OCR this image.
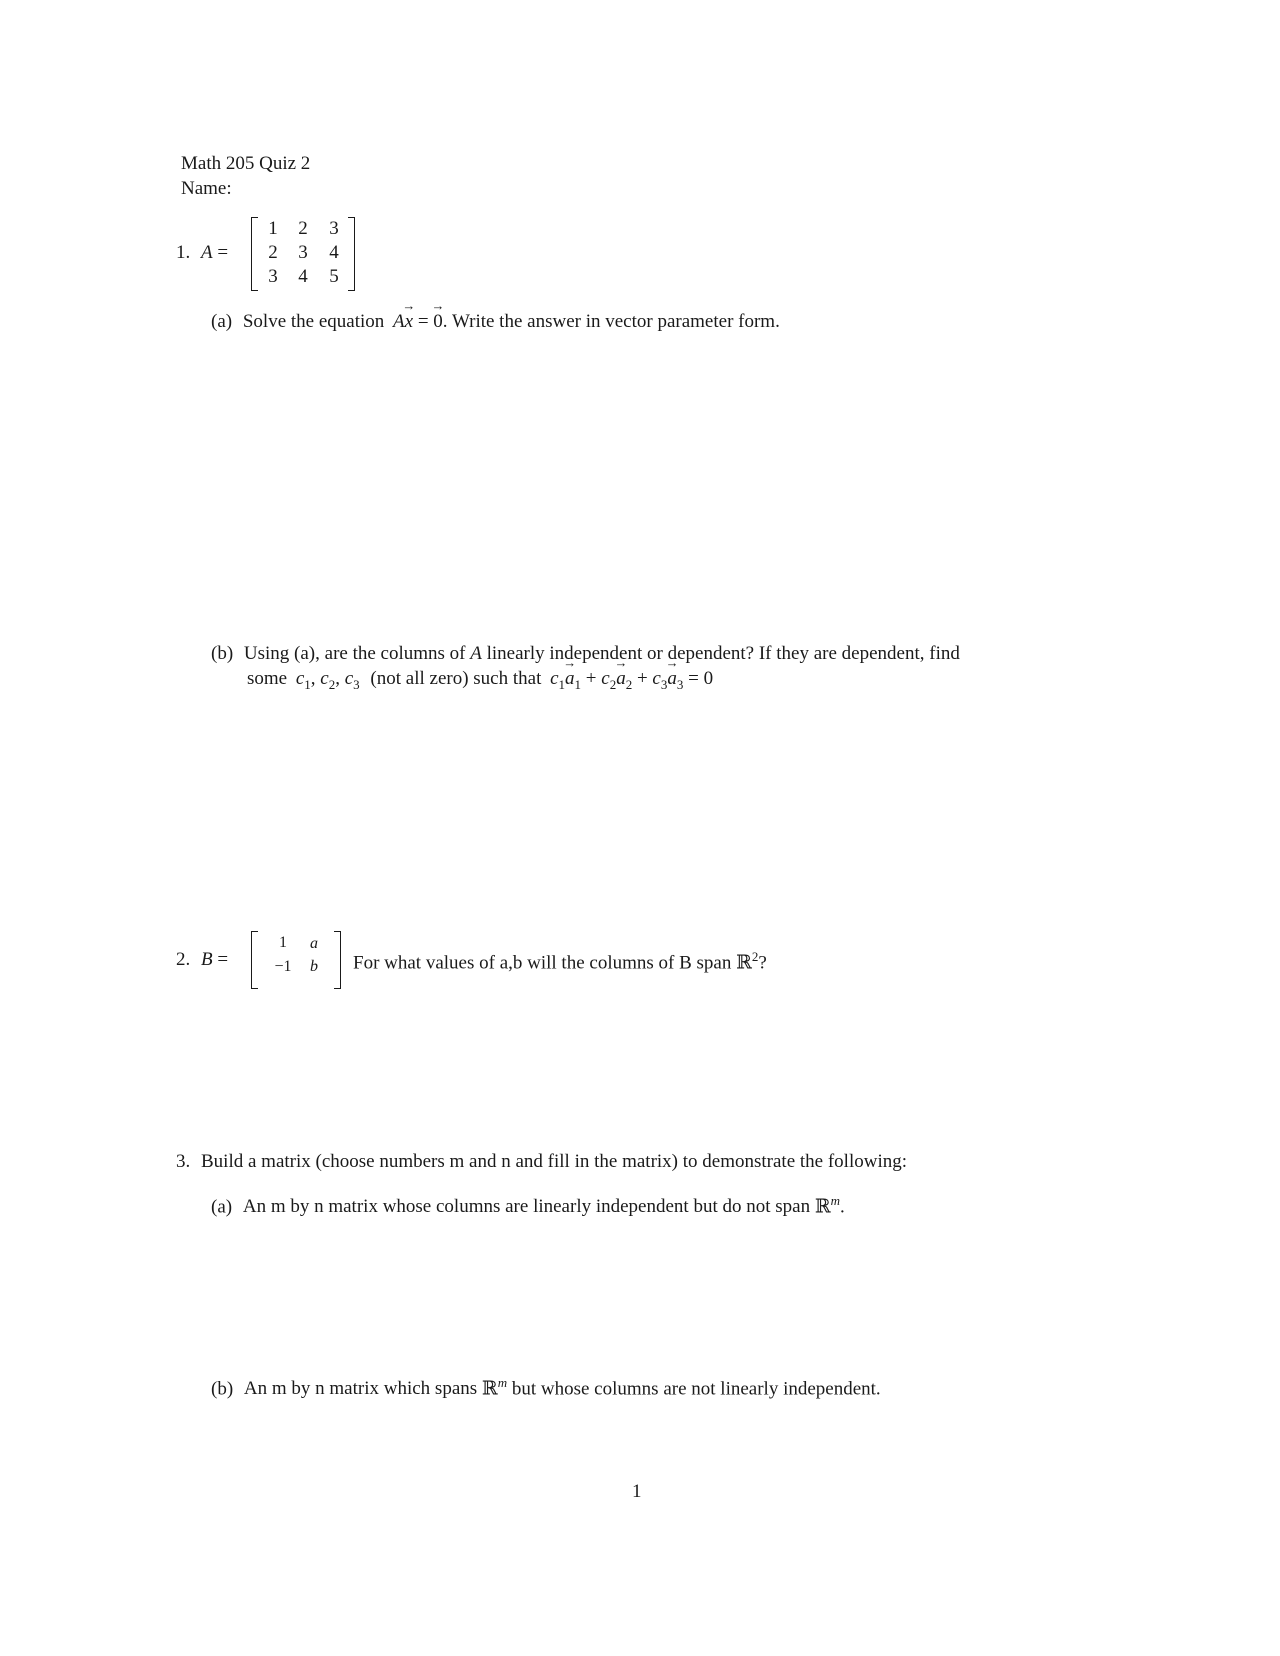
Math 205 Quiz 2
Name:
1. A =
1	2	3
2	3	4
3	4	5
(a) Solve the equation A→ x = → 0. Write the answer in vector parameter form.
(b) Using (a), are the columns of A linearly independent or dependent? If they are dependent, find
some $c_1$, $c_2$, $c_3$ (not all zero) such that $c_1\to a_1 + c_2\to a_2 + c_3\to a_3 = 0$
2. B =
1	a
−1	b	For what values of a,b will the columns of B span ℝ$^2$?
3. Build a matrix (choose numbers m and n and fill in the matrix) to demonstrate the following:
(a) An m by n matrix whose columns are linearly independent but do not span ℝ$^m$.
(b) An m by n matrix which spans ℝ$^m$ but whose columns are not linearly independent.
1
